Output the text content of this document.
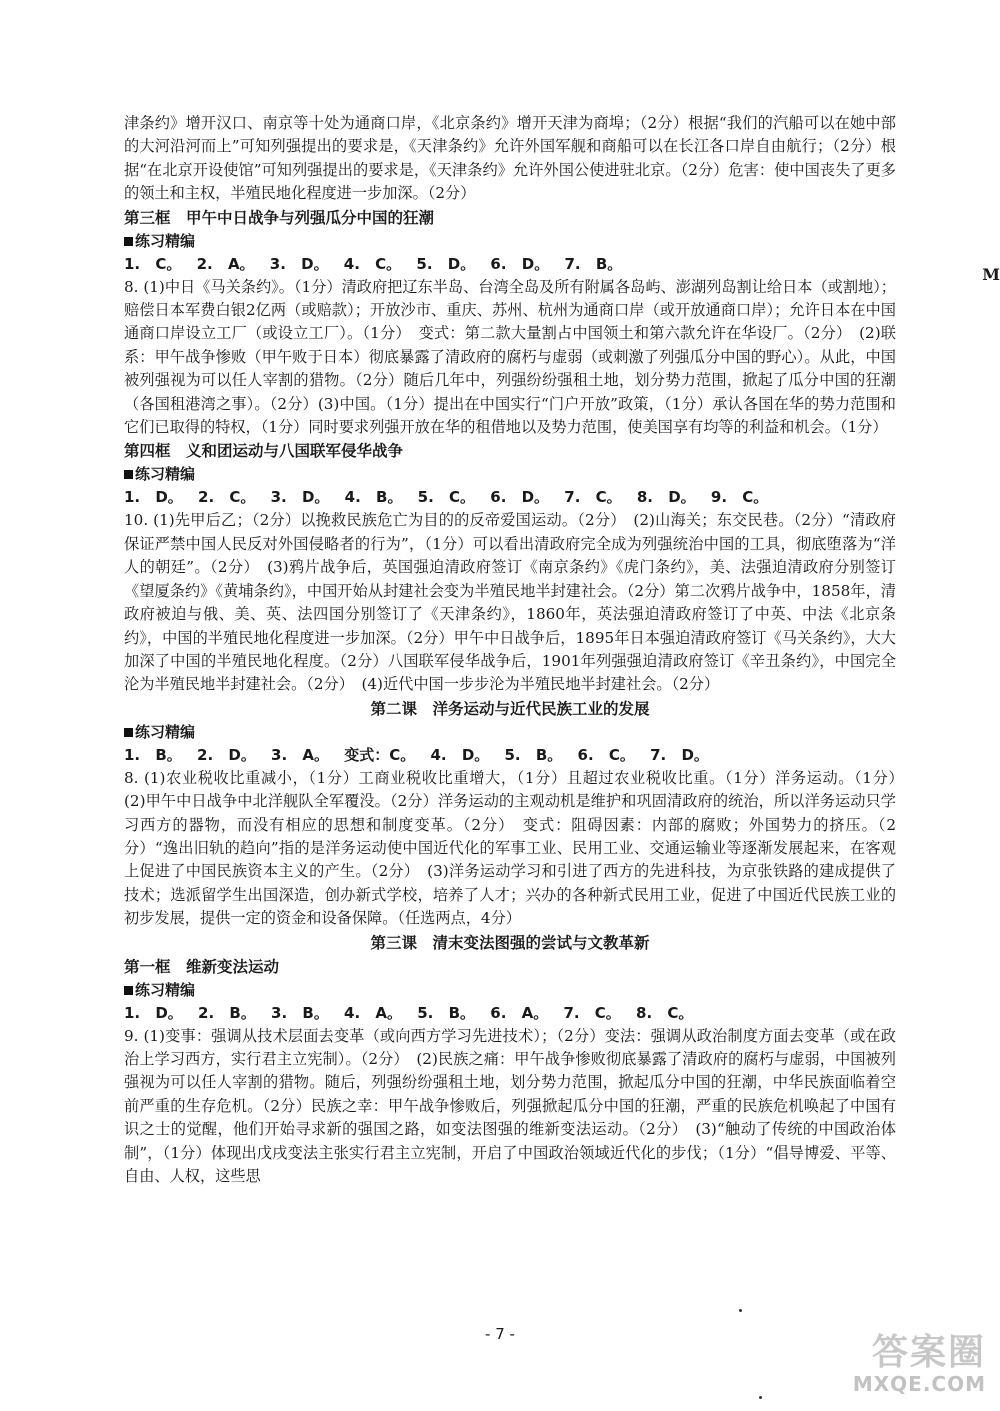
津条约》增开汉口、南京等十处为通商口岸，《北京条约》增开天津为商埠；（2分）根据“我们的汽船可以在她中部的大河沿河而上”可知列强提出的要求是，《天津条约》允许外国军舰和商船可以在长江各口岸自由航行；（2分）根据“在北京开设使馆”可知列强提出的要求是，《天津条约》允许外国公使进驻北京。（2分）危害：使中国丧失了更多的领土和主权，半殖民地化程度进一步加深。（2分）

第三框　甲午中日战争与列强瓜分中国的狂潮

练习精编

1. C。 2. A。 3. D。 4. C。 5. D。 6. D。 7. B。

8. (1)中日《马关条约》。（1分）清政府把辽东半岛、台湾全岛及所有附属各岛屿、澎湖列岛割让给日本（或割地）；赔偿日本军费白银2亿两（或赔款）；开放沙市、重庆、苏州、杭州为通商口岸（或开放通商口岸）；允许日本在中国通商口岸设立工厂（或设立工厂）。（1分）　变式：第二款大量割占中国领土和第六款允许在华设厂。（2分）　(2)联系：甲午战争惨败（甲午败于日本）彻底暴露了清政府的腐朽与虚弱（或刺激了列强瓜分中国的野心）。从此，中国被列强视为可以任人宰割的猎物。（2分）随后几年中，列强纷纷强租土地，划分势力范围，掀起了瓜分中国的狂潮（各国租港湾之事）。（2分）(3)中国。（1分）提出在中国实行“门户开放”政策，（1分）承认各国在华的势力范围和它们已取得的特权，（1分）同时要求列强开放在华的租借地以及势力范围，使美国享有均等的利益和机会。（1分）

第四框　义和团运动与八国联军侵华战争

练习精编

1. D。 2. C。 3. D。 4. B。 5. C。 6. D。 7. C。 8. D。 9. C。

10. (1)先甲后乙；（2分）以挽救民族危亡为目的的反帝爱国运动。（2分）　(2)山海关；东交民巷。（2分）“清政府保证严禁中国人民反对外国侵略者的行为”，（1分）可以看出清政府完全成为列强统治中国的工具，彻底堕落为“洋人的朝廷”。（2分）　(3)鸦片战争后，英国强迫清政府签订《南京条约》《虎门条约》，美、法强迫清政府分别签订《望厦条约》《黄埔条约》，中国开始从封建社会变为半殖民地半封建社会。（2分）第二次鸦片战争中，1858年，清政府被迫与俄、美、英、法四国分别签订了《天津条约》，1860年，英法强迫清政府签订了中英、中法《北京条约》，中国的半殖民地化程度进一步加深。（2分）甲午中日战争后，1895年日本强迫清政府签订《马关条约》，大大加深了中国的半殖民地化程度。（2分）八国联军侵华战争后，1901年列强强迫清政府签订《辛丑条约》，中国完全沦为半殖民地半封建社会。（2分）　(4)近代中国一步步沦为半殖民地半封建社会。（2分）

第二课　洋务运动与近代民族工业的发展

练习精编

1. B。 2. D。 3. A。 变式：C。 4. D。 5. B。 6. C。 7. D。

8. (1)农业税收比重减小，（1分）工商业税收比重增大，（1分）且超过农业税收比重。（1分）洋务运动。（1分）　(2)甲午中日战争中北洋舰队全军覆没。（2分）洋务运动的主观动机是维护和巩固清政府的统治，所以洋务运动只学习西方的器物，而没有相应的思想和制度变革。（2分）　变式：阻碍因素：内部的腐败；外国势力的挤压。（2分）“逸出旧轨的趋向”指的是洋务运动使中国近代化的军事工业、民用工业、交通运输业等逐渐发展起来，在客观上促进了中国民族资本主义的产生。（2分）　(3)洋务运动学习和引进了西方的先进科技，为京张铁路的建成提供了技术；选派留学生出国深造，创办新式学校，培养了人才；兴办的各种新式民用工业，促进了中国近代民族工业的初步发展，提供一定的资金和设备保障。（任选两点，4分）

第三课　清末变法图强的尝试与文教革新

第一框　维新变法运动

练习精编

1. D。 2. B。 3. B。 4. A。 5. B。 6. A。 7. C。 8. C。

9. (1)变事：强调从技术层面去变革（或向西方学习先进技术）；（2分）变法：强调从政治制度方面去变革（或在政治上学习西方，实行君主立宪制）。（2分）　(2)民族之痛：甲午战争惨败彻底暴露了清政府的腐朽与虚弱，中国被列强视为可以任人宰割的猎物。随后，列强纷纷强租土地，划分势力范围，掀起瓜分中国的狂潮，中华民族面临着空前严重的生存危机。（2分）民族之幸：甲午战争惨败后，列强掀起瓜分中国的狂潮，严重的民族危机唤起了中国有识之士的觉醒，他们开始寻求新的强国之路，如变法图强的维新变法运动。（2分）　(3)“触动了传统的中国政治体制”，（1分）体现出戊戌变法主张实行君主立宪制，开启了中国政治领域近代化的步伐；（1分）“倡导博爱、平等、自由、人权，这些思

M
- 7 -	答案圈
MXQE.COM
